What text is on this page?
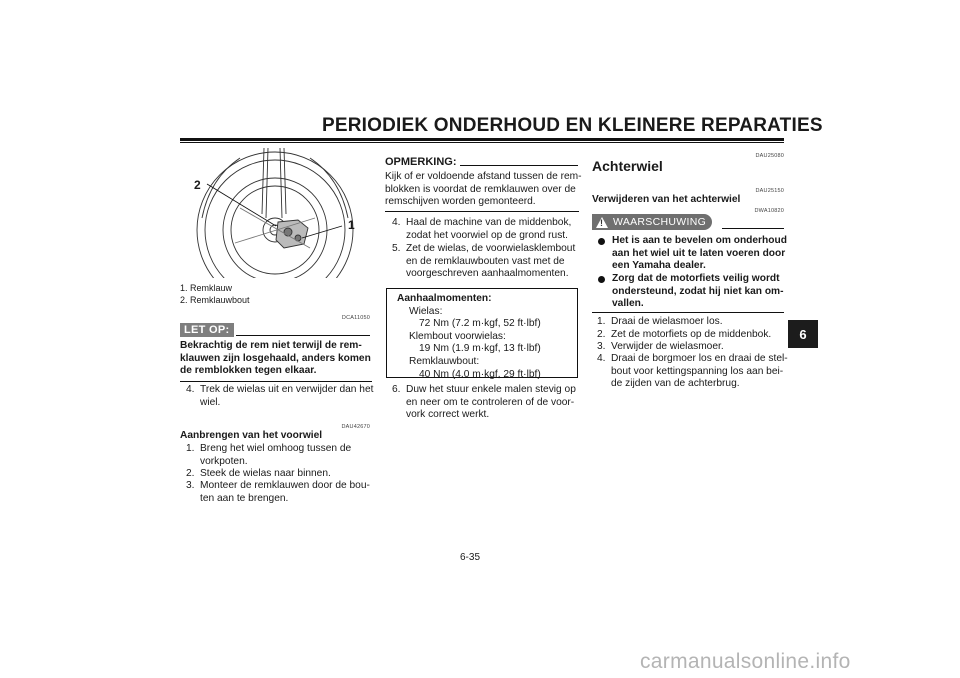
PERIODIEK ONDERHOUD EN KLEINERE REPARATIES
2
1
1. Remklauw
2. Remklauwbout
DCA11050
LET OP:
Bekrachtig de rem niet terwijl de rem-
klauwen zijn losgehaald, anders komen
de remblokken tegen elkaar.
4. Trek de wielas uit en verwijder dan het
wiel.
DAU42670
Aanbrengen van het voorwiel
1. Breng het wiel omhoog tussen de
vorkpoten.
2. Steek de wielas naar binnen.
3. Monteer de remklauwen door de bou-
ten aan te brengen.
OPMERKING:
Kijk of er voldoende afstand tussen de rem-
blokken is voordat de remklauwen over de
remschijven worden gemonteerd.
4. Haal de machine van de middenbok,
zodat het voorwiel op de grond rust.
5. Zet de wielas, de voorwielasklembout
en de remklauwbouten vast met de
voorgeschreven aanhaalmomenten.
Aanhaalmomenten:
Wielas:
72 Nm (7.2 m·kgf, 52 ft·lbf)
Klembout voorwielas:
19 Nm (1.9 m·kgf, 13 ft·lbf)
Remklauwbout:
40 Nm (4.0 m·kgf, 29 ft·lbf)
6. Duw het stuur enkele malen stevig op
en neer om te controleren of de voor-
vork correct werkt.
DAU25080
Achterwiel
DAU25150
Verwijderen van het achterwiel
DWA10820
! WAARSCHUWING
Het is aan te bevelen om onderhoud
aan het wiel uit te laten voeren door
een Yamaha dealer.
Zorg dat de motorfiets veilig wordt
ondersteund, zodat hij niet kan om-
vallen.
1. Draai de wielasmoer los.
2. Zet de motorfiets op de middenbok.
3. Verwijder de wielasmoer.
4. Draai de borgmoer los en draai de stel-
bout voor kettingspanning los aan bei-
de zijden van de achterbrug.
6
6-35
carmanualsonline.info
